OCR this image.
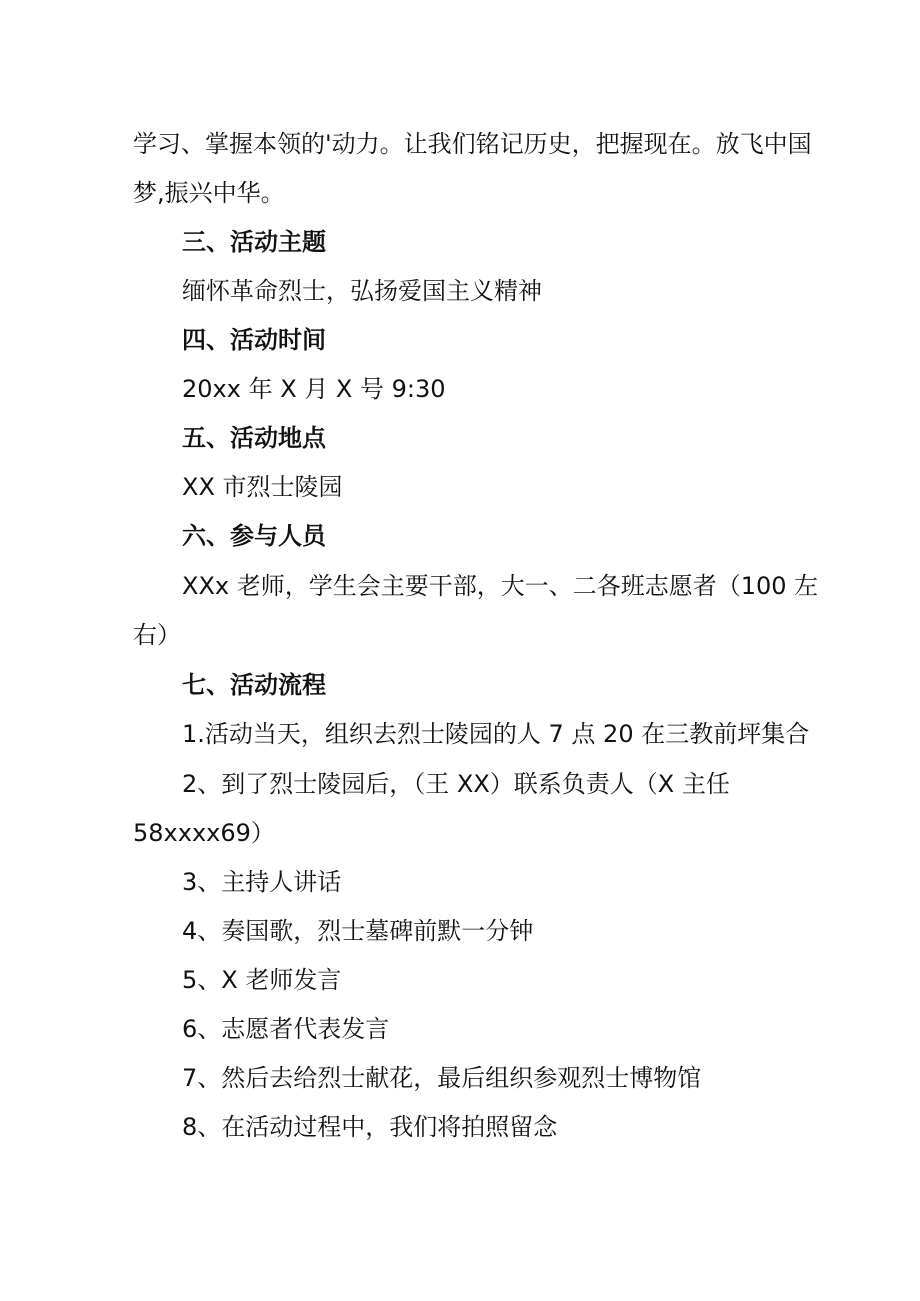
学习、掌握本领的'动力。让我们铭记历史，把握现在。放飞中国
梦,振兴中华。
三、活动主题
缅怀革命烈士，弘扬爱国主义精神
四、活动时间
20xx 年 X 月 X 号 9:30
五、活动地点
XX 市烈士陵园
六、参与人员
XXx 老师，学生会主要干部，大一、二各班志愿者（100 左
右）
七、活动流程
1.活动当天，组织去烈士陵园的人 7 点 20 在三教前坪集合
2、到了烈士陵园后，（王 XX）联系负责人（X 主任
58xxxx69）
3、主持人讲话
4、奏国歌，烈士墓碑前默一分钟
5、X 老师发言
6、志愿者代表发言
7、然后去给烈士献花，最后组织参观烈士博物馆
8、在活动过程中，我们将拍照留念
